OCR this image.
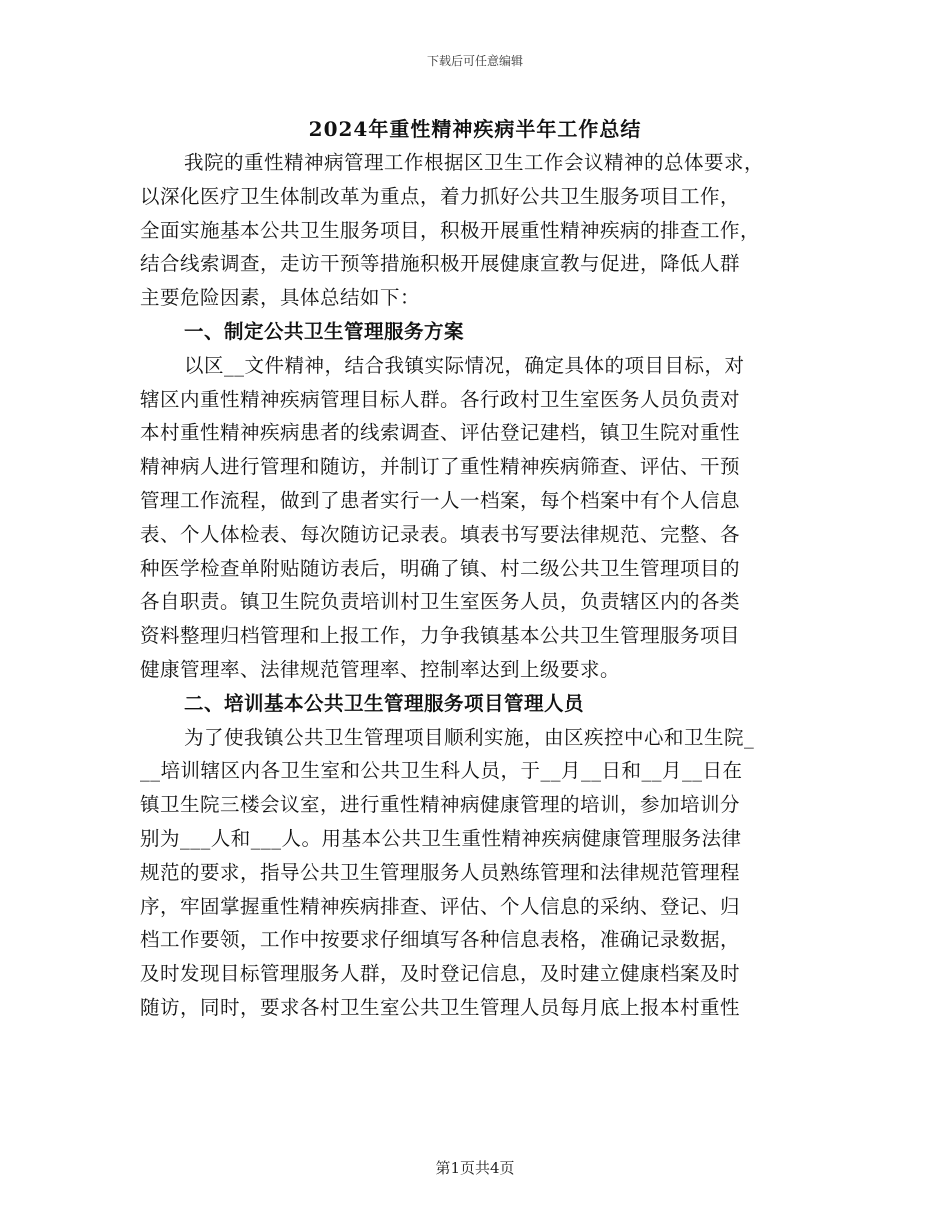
下载后可任意编辑
2024年重性精神疾病半年工作总结
我院的重性精神病管理工作根据区卫生工作会议精神的总体要求，
以深化医疗卫生体制改革为重点，着力抓好公共卫生服务项目工作，
全面实施基本公共卫生服务项目，积极开展重性精神疾病的排查工作，
结合线索调查，走访干预等措施积极开展健康宣教与促进，降低人群
主要危险因素，具体总结如下：
一、制定公共卫生管理服务方案
以区__文件精神，结合我镇实际情况，确定具体的项目目标，对
辖区内重性精神疾病管理目标人群。各行政村卫生室医务人员负责对
本村重性精神疾病患者的线索调查、评估登记建档，镇卫生院对重性
精神病人进行管理和随访，并制订了重性精神疾病筛查、评估、干预
管理工作流程，做到了患者实行一人一档案，每个档案中有个人信息
表、个人体检表、每次随访记录表。填表书写要法律规范、完整、各
种医学检查单附贴随访表后，明确了镇、村二级公共卫生管理项目的
各自职责。镇卫生院负责培训村卫生室医务人员，负责辖区内的各类
资料整理归档管理和上报工作，力争我镇基本公共卫生管理服务项目
健康管理率、法律规范管理率、控制率达到上级要求。
二、培训基本公共卫生管理服务项目管理人员
为了使我镇公共卫生管理项目顺利实施，由区疾控中心和卫生院_
__培训辖区内各卫生室和公共卫生科人员，于__月__日和__月__日在
镇卫生院三楼会议室，进行重性精神病健康管理的培训，参加培训分
别为___人和___人。用基本公共卫生重性精神疾病健康管理服务法律
规范的要求，指导公共卫生管理服务人员熟练管理和法律规范管理程
序，牢固掌握重性精神疾病排查、评估、个人信息的采纳、登记、归
档工作要领，工作中按要求仔细填写各种信息表格，准确记录数据，
及时发现目标管理服务人群，及时登记信息，及时建立健康档案及时
随访，同时，要求各村卫生室公共卫生管理人员每月底上报本村重性
第1页共4页
